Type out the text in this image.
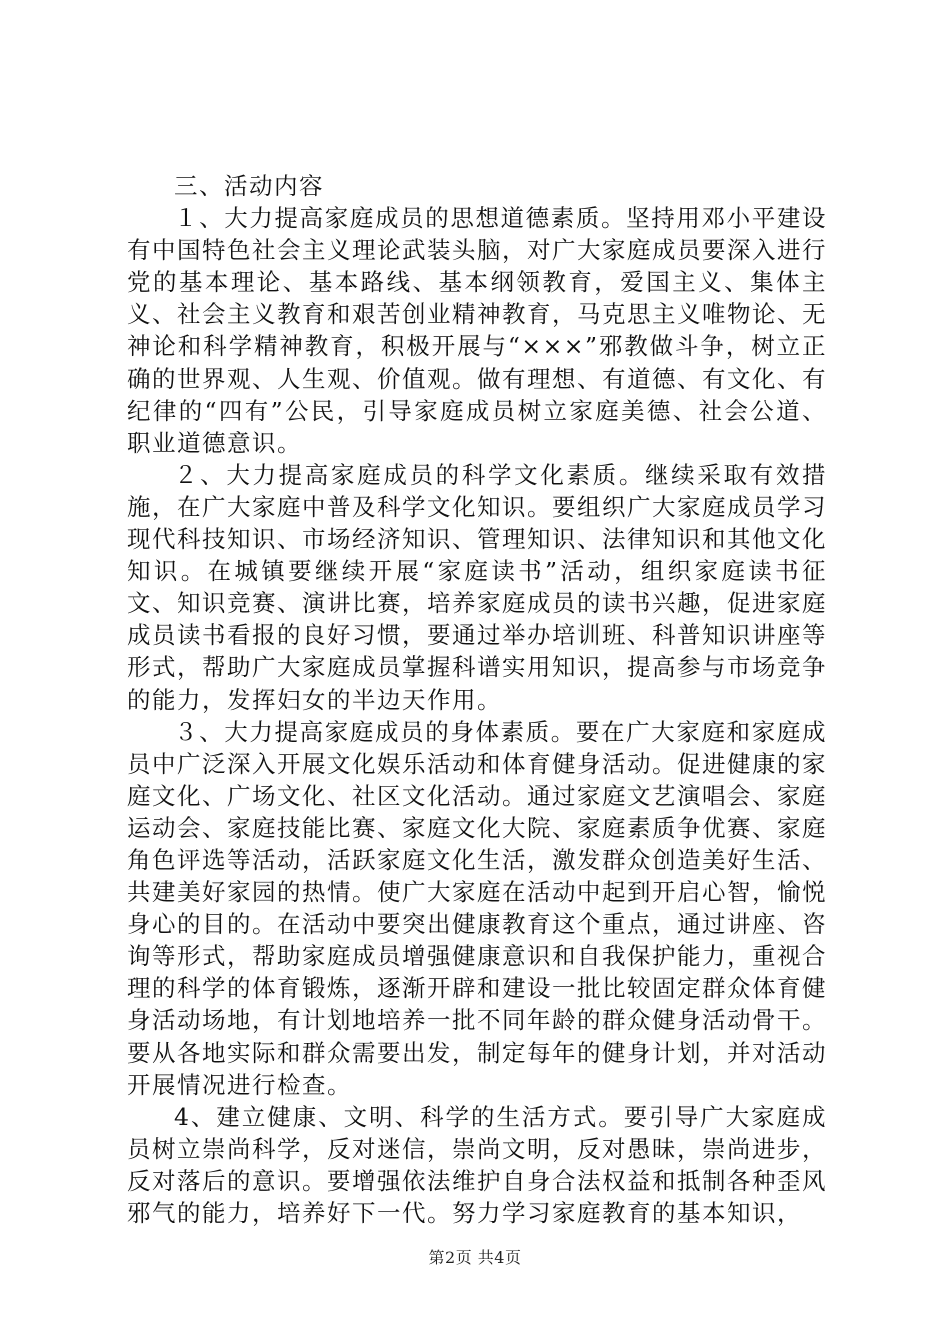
三、活动内容

１、大力提高家庭成员的思想道德素质。坚持用邓小平建设有中国特色社会主义理论武装头脑，对广大家庭成员要深入进行党的基本理论、基本路线、基本纲领教育，爱国主义、集体主义、社会主义教育和艰苦创业精神教育，马克思主义唯物论、无神论和科学精神教育，积极开展与“×××”邪教做斗争，树立正确的世界观、人生观、价值观。做有理想、有道德、有文化、有纪律的“四有”公民，引导家庭成员树立家庭美德、社会公道、职业道德意识。

２、大力提高家庭成员的科学文化素质。继续采取有效措施，在广大家庭中普及科学文化知识。要组织广大家庭成员学习现代科技知识、市场经济知识、管理知识、法律知识和其他文化知识。在城镇要继续开展“家庭读书”活动，组织家庭读书征文、知识竞赛、演讲比赛，培养家庭成员的读书兴趣，促进家庭成员读书看报的良好习惯，要通过举办培训班、科普知识讲座等形式，帮助广大家庭成员掌握科谱实用知识，提高参与市场竞争的能力，发挥妇女的半边天作用。

３、大力提高家庭成员的身体素质。要在广大家庭和家庭成员中广泛深入开展文化娱乐活动和体育健身活动。促进健康的家庭文化、广场文化、社区文化活动。通过家庭文艺演唱会、家庭运动会、家庭技能比赛、家庭文化大院、家庭素质争优赛、家庭角色评选等活动，活跃家庭文化生活，激发群众创造美好生活、共建美好家园的热情。使广大家庭在活动中起到开启心智，愉悦身心的目的。在活动中要突出健康教育这个重点，通过讲座、咨询等形式，帮助家庭成员增强健康意识和自我保护能力，重视合理的科学的体育锻炼，逐渐开辟和建设一批比较固定群众体育健身活动场地，有计划地培养一批不同年龄的群众健身活动骨干。要从各地实际和群众需要出发，制定每年的健身计划，并对活动开展情况进行检查。

4、建立健康、文明、科学的生活方式。要引导广大家庭成员树立崇尚科学，反对迷信，崇尚文明，反对愚昧，崇尚进步，反对落后的意识。要增强依法维护自身合法权益和抵制各种歪风邪气的能力，培养好下一代。努力学习家庭教育的基本知识，

第2页 共4页
